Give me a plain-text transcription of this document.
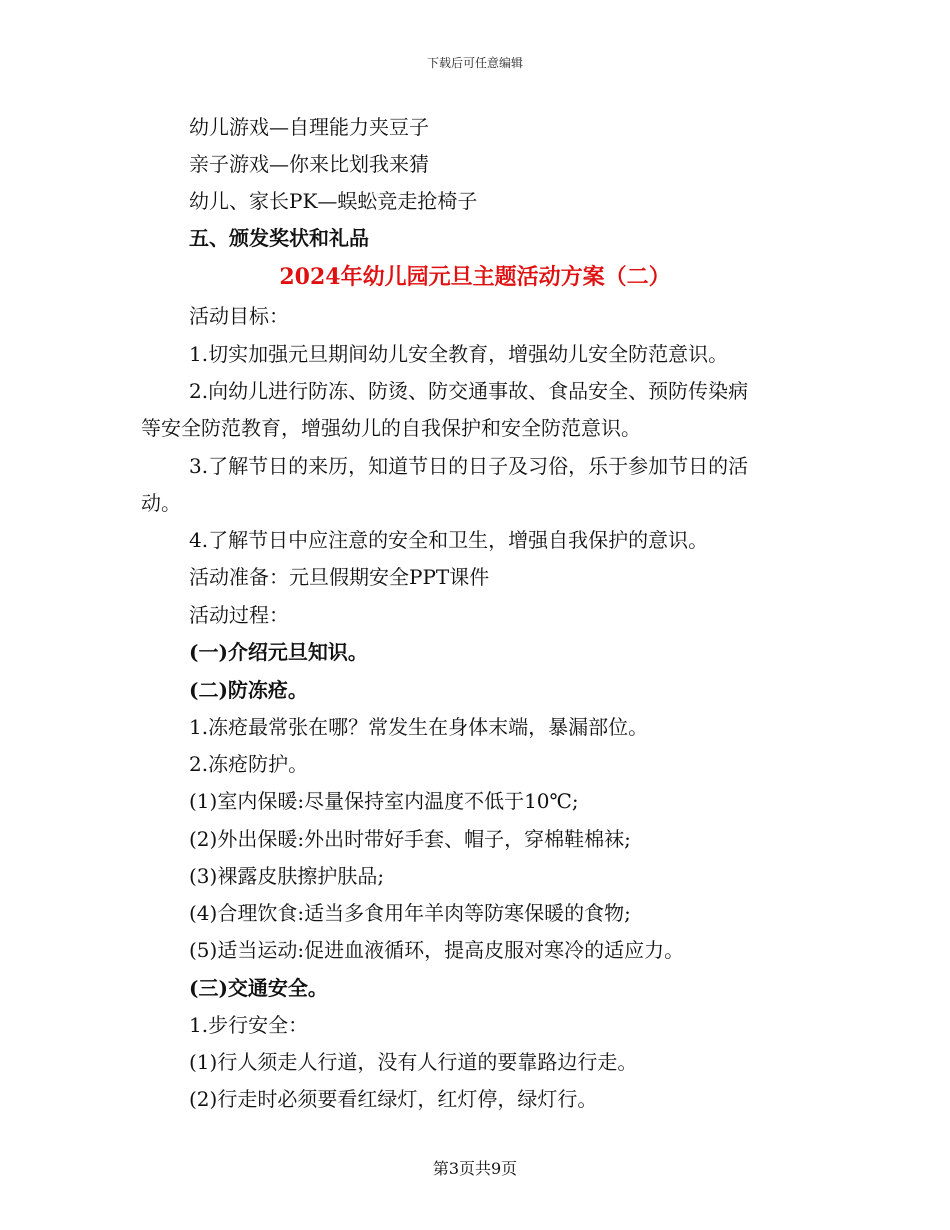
下载后可任意编辑
幼儿游戏—自理能力夹豆子
亲子游戏—你来比划我来猜
幼儿、家长PK—蜈蚣竞走抢椅子
五、颁发奖状和礼品
2024年幼儿园元旦主题活动方案（二）
活动目标：
1.切实加强元旦期间幼儿安全教育，增强幼儿安全防范意识。
2.向幼儿进行防冻、防烫、防交通事故、食品安全、预防传染病
等安全防范教育，增强幼儿的自我保护和安全防范意识。
3.了解节日的来历，知道节日的日子及习俗，乐于参加节日的活
动。
4.了解节日中应注意的安全和卫生，增强自我保护的意识。
活动准备：元旦假期安全PPT课件
活动过程：
(一)介绍元旦知识。
(二)防冻疮。
1.冻疮最常张在哪？常发生在身体末端，暴漏部位。
2.冻疮防护。
(1)室内保暖:尽量保持室内温度不低于10℃;
(2)外出保暖:外出时带好手套、帽子，穿棉鞋棉袜;
(3)裸露皮肤擦护肤品;
(4)合理饮食:适当多食用年羊肉等防寒保暖的食物;
(5)适当运动:促进血液循环，提高皮服对寒冷的适应力。
(三)交通安全。
1.步行安全：
(1)行人须走人行道，没有人行道的要靠路边行走。
(2)行走时必须要看红绿灯，红灯停，绿灯行。
第3页共9页
